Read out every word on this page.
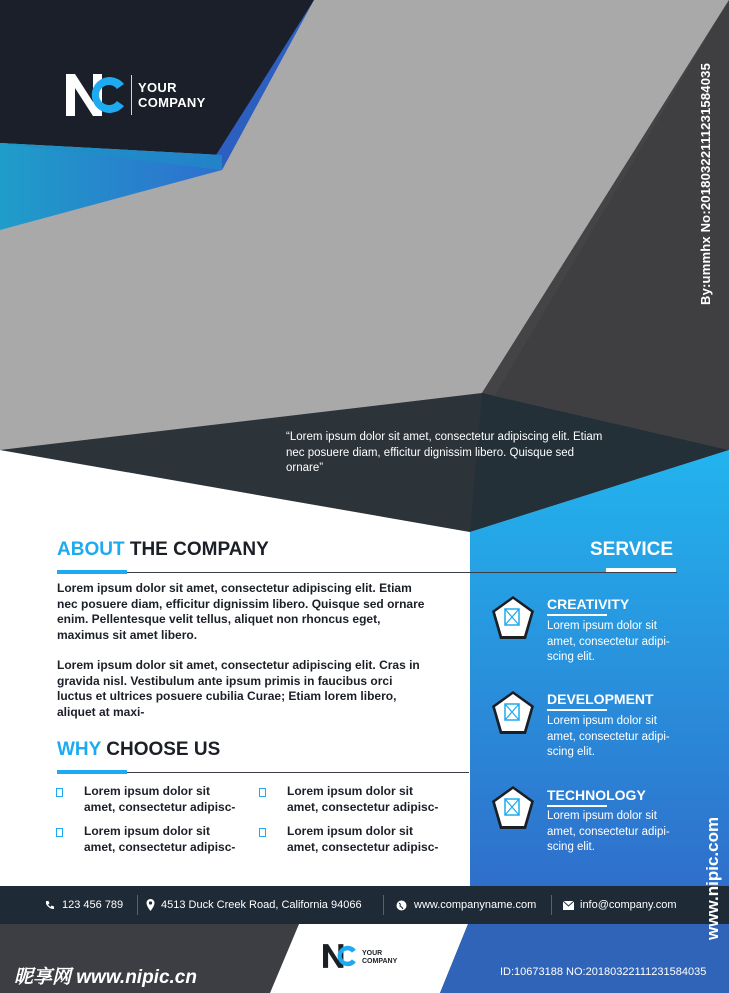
YOUR
COMPANY	By:ummhx No:20180322111231584035
“Lorem ipsum dolor sit amet, consectetur adipiscing elit. Etiam nec posuere diam, efficitur dignissim libero. Quisque sed ornare”
ABOUT THE COMPANY
Lorem ipsum dolor sit amet, consectetur adipiscing elit. Etiam nec posuere diam, efficitur dignissim libero. Quisque sed ornare enim. Pellentesque velit tellus, aliquet non rhoncus eget, maximus sit amet libero.
Lorem ipsum dolor sit amet, consectetur adipiscing elit. Cras in gravida nisl. Vestibulum ante ipsum primis in faucibus orci luctus et ultrices posuere cubilia Curae; Etiam lorem libero, aliquet at maxi-
WHY CHOOSE US
Lorem ipsum dolor sit
amet, consectetur adipisc-
Lorem ipsum dolor sit
amet, consectetur adipisc-
Lorem ipsum dolor sit
amet, consectetur adipisc-
Lorem ipsum dolor sit
amet, consectetur adipisc-
SERVICE
CREATIVITY
Lorem ipsum dolor sit
amet, consectetur adipi-
scing elit.
DEVELOPMENT
Lorem ipsum dolor sit
amet, consectetur adipi-
scing elit.
TECHNOLOGY
Lorem ipsum dolor sit
amet, consectetur adipi-
scing elit.
123 456 789	4513 Duck Creek Road, California 94066	www.companyname.com	info@company.com
YOUR
COMPANY
昵享网 www.nipic.cn	ID:10673188 NO:20180322111231584035
www.nipic.com
